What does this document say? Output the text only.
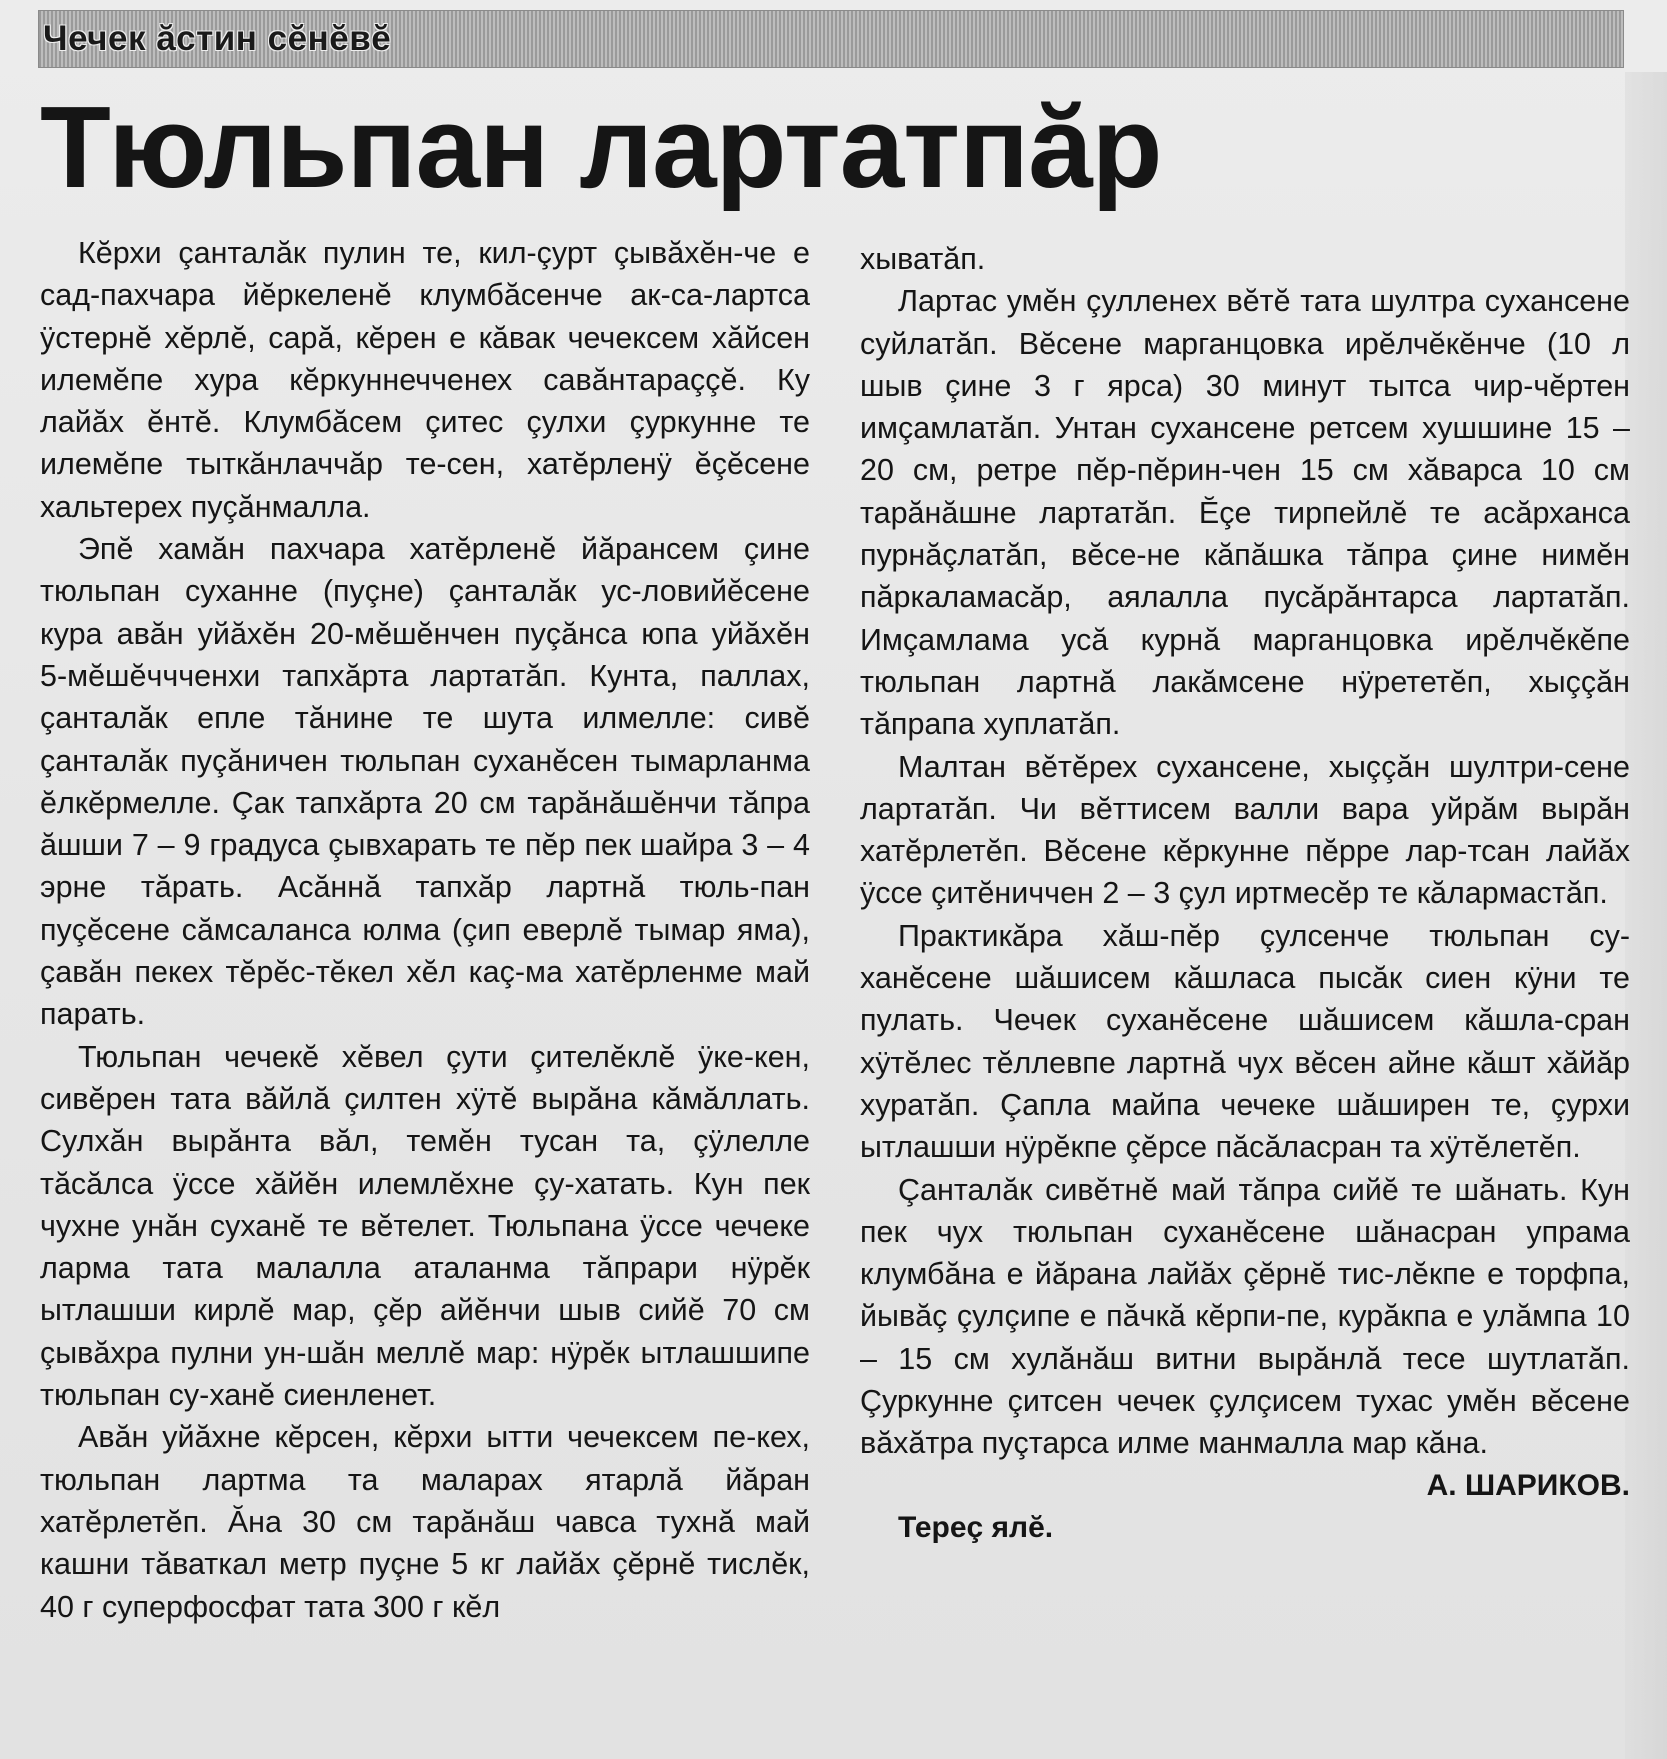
Чечек ăстин сĕнĕвĕ
Тюльпан лартатпăр

Кĕрхи çанталăк пулин те, кил-çурт çывăхĕн-че е сад-пахчара йĕркеленĕ клумбăсенче ак-са-лартса ÿстернĕ хĕрлĕ, сарă, кĕрен е кăвак чечексем хăйсен илемĕпе хура кĕркуннечченех савăнтараççĕ. Ку лайăх ĕнтĕ. Клумбăсем çитес çулхи çуркунне те илемĕпе тыткăнлаччăр те-сен, хатĕрленÿ ĕçĕсене хальтерех пуçăнмалла.

Эпĕ хамăн пахчара хатĕрленĕ йăрансем çине тюльпан суханне (пуçне) çанталăк ус-ловийĕсене кура авăн уйăхĕн 20-мĕшĕнчен пуçăнса юпа уйăхĕн 5-мĕшĕччченхи тапхăрта лартатăп. Кунта, паллах, çанталăк епле тăнине те шута илмелле: сивĕ çанталăк пуçăничен тюльпан суханĕсен тымарланма ĕлкĕрмелле. Çак тапхăрта 20 см тарăнăшĕнчи тăпра ăшши 7 – 9 градуса çывхарать те пĕр пек шайра 3 – 4 эрне тăрать. Асăннă тапхăр лартнă тюль-пан пуçĕсене сăмсаланса юлма (çип еверлĕ тымар яма), çавăн пекех тĕрĕс-тĕкел хĕл каç-ма хатĕрленме май парать.

Тюльпан чечекĕ хĕвел çути çителĕклĕ ÿке-кен, сивĕрен тата вăйлă çилтен хÿтĕ вырăна кăмăллать. Сулхăн вырăнта вăл, темĕн тусан та, çÿлелле тăсăлса ÿссе хăйĕн илемлĕхне çу-хатать. Кун пек чухне унăн суханĕ те вĕтелет. Тюльпана ÿссе чечеке ларма тата малалла аталанма тăпрари нÿрĕк ытлашши кирлĕ мар, çĕр айĕнчи шыв сийĕ 70 см çывăхра пулни ун-шăн меллĕ мар: нÿрĕк ытлашшипе тюльпан су-ханĕ сиенленет.

Авăн уйăхне кĕрсен, кĕрхи ытти чечексем пе-кех, тюльпан лартма та маларах ятарлă йăран хатĕрлетĕп. Ăна 30 см тарăнăш чавса тухнă май кашни тăваткал метр пуçне 5 кг лайăх çĕрнĕ тислĕк, 40 г суперфосфат тата 300 г кĕл

хыватăп.

Лартас умĕн çулленех вĕтĕ тата шултра сухансене суйлатăп. Вĕсене марганцовка ирĕлчĕкĕнче (10 л шыв çине 3 г ярса) 30 минут тытса чир-чĕртен имçамлатăп. Унтан сухансене ретсем хушшине 15 – 20 см, ретре пĕр-пĕрин-чен 15 см хăварса 10 см тарăнăшне лартатăп. Ĕçе тирпейлĕ те асăрханса пурнăçлатăп, вĕсе-не кăпăшка тăпра çине нимĕн пăркаламасăр, аялалла пусăрăнтарса лартатăп. Имçамлама усă курнă марганцовка ирĕлчĕкĕпе тюльпан лартнă лакăмсене нÿрететĕп, хыççăн тăпрапа хуплатăп.

Малтан вĕтĕрех сухансене, хыççăн шултри-сене лартатăп. Чи вĕттисем валли вара уйрăм вырăн хатĕрлетĕп. Вĕсене кĕркунне пĕрре лар-тсан лайăх ÿссе çитĕниччен 2 – 3 çул иртмесĕр те кăлармастăп.

Практикăра хăш-пĕр çулсенче тюльпан су-ханĕсене шăшисем кăшласа пысăк сиен кÿни те пулать. Чечек суханĕсене шăшисем кăшла-сран хÿтĕлес тĕллевпе лартнă чух вĕсен айне кăшт хăйăр хуратăп. Çапла майпа чечеке шăширен те, çурхи ытлашши нÿрĕкпе çĕрсе пăсăласран та хÿтĕлетĕп.

Çанталăк сивĕтнĕ май тăпра сийĕ те шăнать. Кун пек чух тюльпан суханĕсене шăнасран упрама клумбăна е йăрана лайăх çĕрнĕ тис-лĕкпе е торфпа, йывăç çулçипе е пăчкă кĕрпи-пе, курăкпа е улăмпа 10 – 15 см хулăнăш витни вырăнлă тесе шутлатăп. Çуркунне çитсен чечек çулçисем тухас умĕн вĕсене вăхăтра пуçтарса илме манмалла мар кăна.

А. ШАРИКОВ.

Тереç ялĕ.
